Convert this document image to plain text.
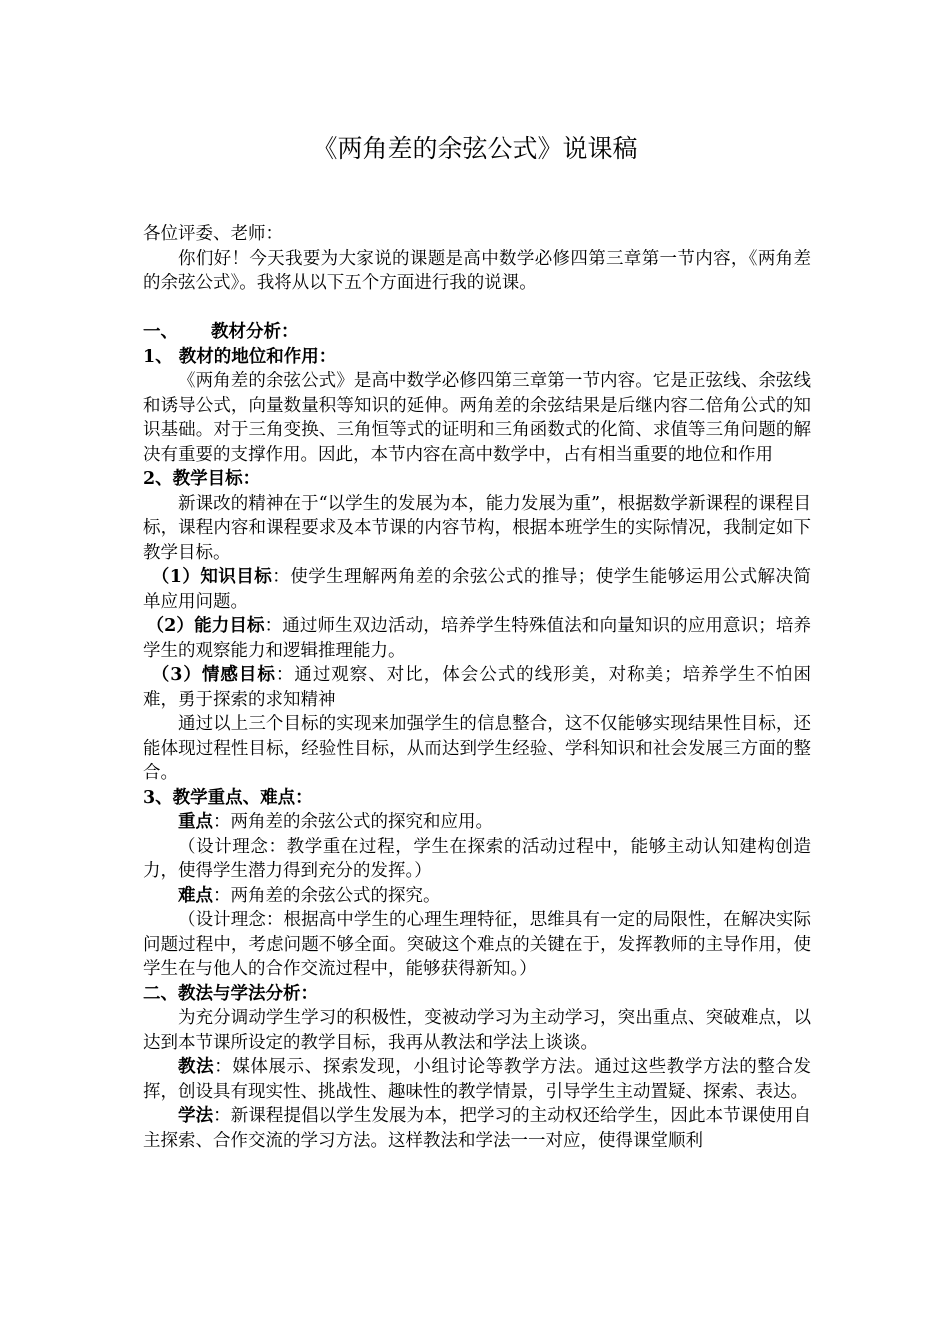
《两角差的余弦公式》说课稿

各位评委、老师：

你们好！今天我要为大家说的课题是高中数学必修四第三章第一节内容，《两角差的余弦公式》。我将从以下五个方面进行我的说课。

一、 教材分析：

1、 教材的地位和作用：

《两角差的余弦公式》是高中数学必修四第三章第一节内容。它是正弦线、余弦线和诱导公式，向量数量积等知识的延伸。两角差的余弦结果是后继内容二倍角公式的知识基础。对于三角变换、三角恒等式的证明和三角函数式的化简、求值等三角问题的解决有重要的支撑作用。因此，本节内容在高中数学中，占有相当重要的地位和作用

2、教学目标：

新课改的精神在于“以学生的发展为本，能力发展为重”，根据数学新课程的课程目标，课程内容和课程要求及本节课的内容节构，根据本班学生的实际情况，我制定如下教学目标。

（1）知识目标：使学生理解两角差的余弦公式的推导；使学生能够运用公式解决简单应用问题。

（2）能力目标：通过师生双边活动，培养学生特殊值法和向量知识的应用意识；培养学生的观察能力和逻辑推理能力。

（3）情感目标：通过观察、对比，体会公式的线形美，对称美；培养学生不怕困难，勇于探索的求知精神

通过以上三个目标的实现来加强学生的信息整合，这不仅能够实现结果性目标，还能体现过程性目标，经验性目标，从而达到学生经验、学科知识和社会发展三方面的整合。

3、教学重点、难点：

重点：两角差的余弦公式的探究和应用。

（设计理念：教学重在过程，学生在探索的活动过程中，能够主动认知建构创造力，使得学生潜力得到充分的发挥。）

难点：两角差的余弦公式的探究。

（设计理念：根据高中学生的心理生理特征，思维具有一定的局限性，在解决实际问题过程中，考虑问题不够全面。突破这个难点的关键在于，发挥教师的主导作用，使学生在与他人的合作交流过程中，能够获得新知。）

二、教法与学法分析：

为充分调动学生学习的积极性，变被动学习为主动学习，突出重点、突破难点，以达到本节课所设定的教学目标，我再从教法和学法上谈谈。

教法：媒体展示、探索发现，小组讨论等教学方法。通过这些教学方法的整合发挥，创设具有现实性、挑战性、趣味性的教学情景，引导学生主动置疑、探索、表达。

学法：新课程提倡以学生发展为本，把学习的主动权还给学生，因此本节课使用自主探索、合作交流的学习方法。这样教法和学法一一对应，使得课堂顺利
